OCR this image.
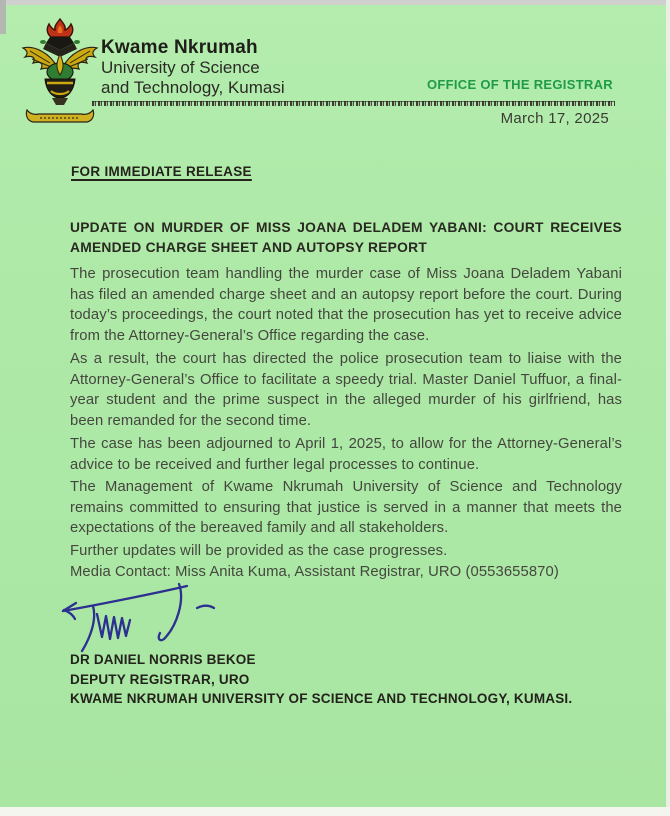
Kwame Nkrumah
University of Science
and Technology, Kumasi	OFFICE OF THE REGISTRAR
March 17, 2025
FOR IMMEDIATE RELEASE
UPDATE ON MURDER OF MISS JOANA DELADEM YABANI: COURT RECEIVES AMENDED CHARGE SHEET AND AUTOPSY REPORT

The prosecution team handling the murder case of Miss Joana Deladem Yabani has filed an amended charge sheet and an autopsy report before the court. During today’s proceedings, the court noted that the prosecution has yet to receive advice from the Attorney-General’s Office regarding the case.

As a result, the court has directed the police prosecution team to liaise with the Attorney-General’s Office to facilitate a speedy trial. Master Daniel Tuffuor, a final-year student and the prime suspect in the alleged murder of his girlfriend, has been remanded for the second time.

The case has been adjourned to April 1, 2025, to allow for the Attorney-General’s advice to be received and further legal processes to continue.

The Management of Kwame Nkrumah University of Science and Technology remains committed to ensuring that justice is served in a manner that meets the expectations of the bereaved family and all stakeholders.

Further updates will be provided as the case progresses.

Media Contact: Miss Anita Kuma, Assistant Registrar, URO (0553655870)

DR DANIEL NORRIS BEKOE
DEPUTY REGISTRAR, URO
KWAME NKRUMAH UNIVERSITY OF SCIENCE AND TECHNOLOGY, KUMASI.
